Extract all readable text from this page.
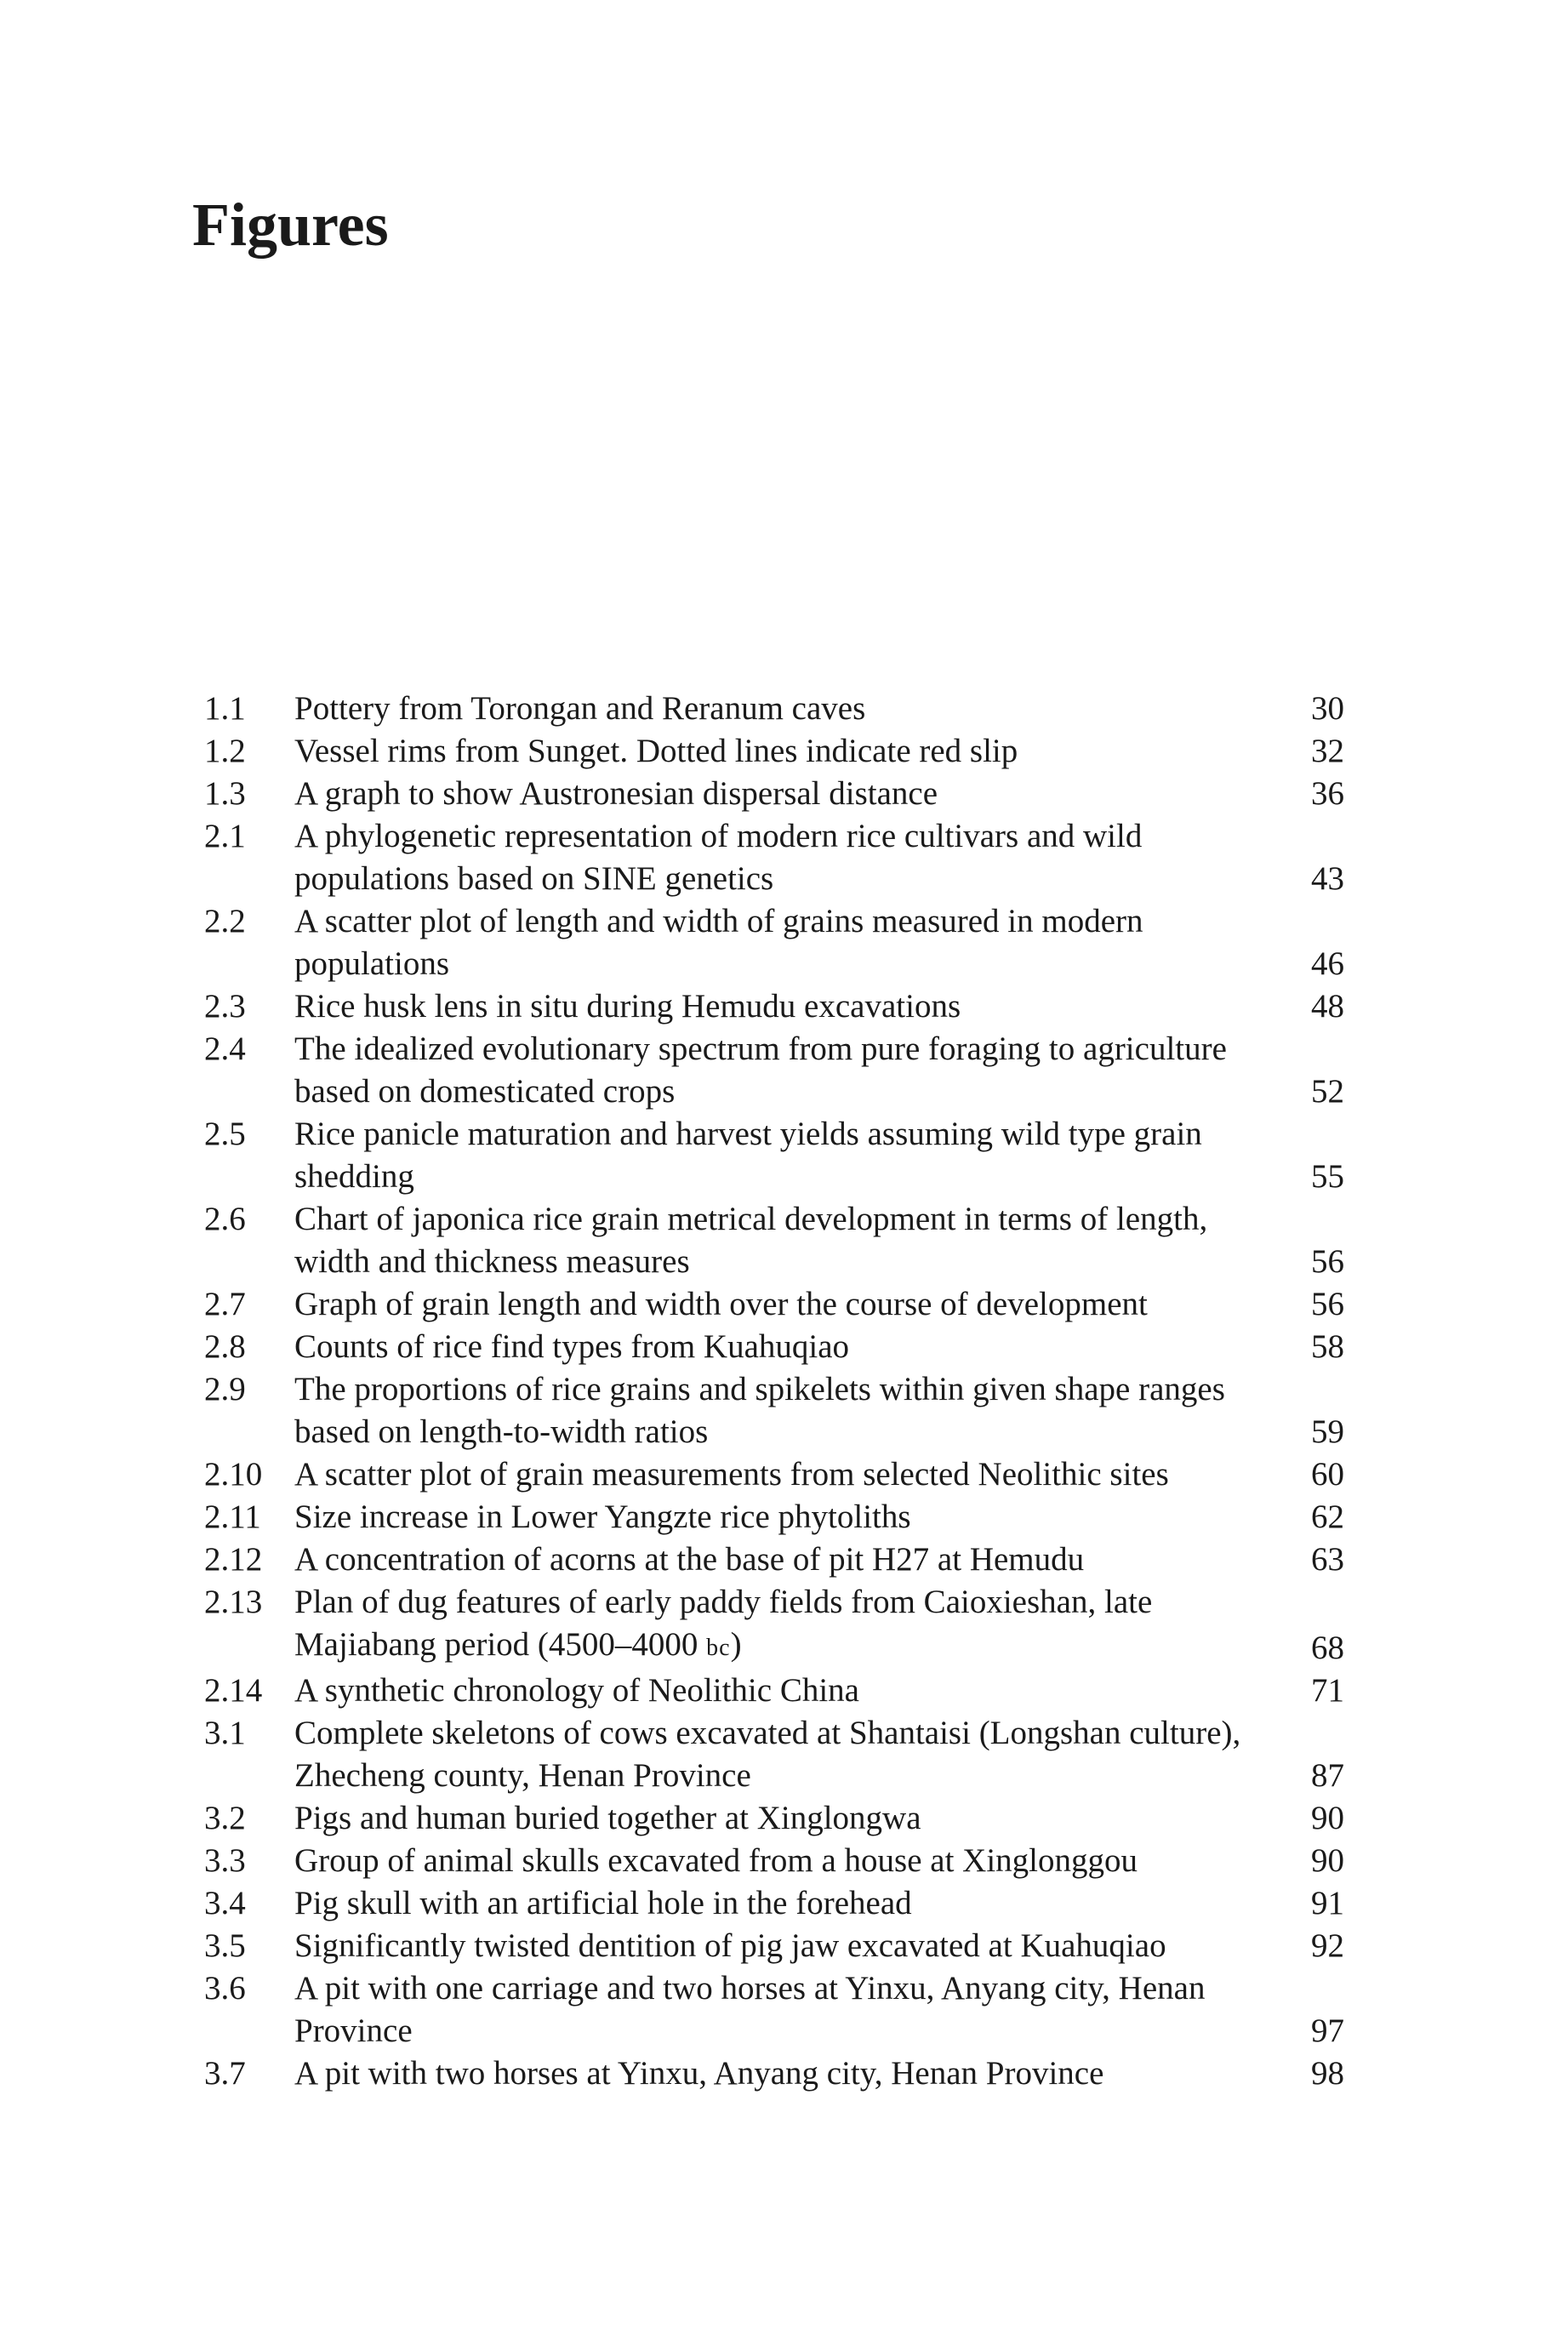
Figures
1.1	Pottery from Torongan and Reranum caves	30
1.2	Vessel rims from Sunget. Dotted lines indicate red slip	32
1.3	A graph to show Austronesian dispersal distance	36
2.1	A phylogenetic representation of modern rice cultivars and wild populations based on SINE genetics	43
2.2	A scatter plot of length and width of grains measured in modern populations	46
2.3	Rice husk lens in situ during Hemudu excavations	48
2.4	The idealized evolutionary spectrum from pure foraging to agriculture based on domesticated crops	52
2.5	Rice panicle maturation and harvest yields assuming wild type grain shedding	55
2.6	Chart of japonica rice grain metrical development in terms of length, width and thickness measures	56
2.7	Graph of grain length and width over the course of development	56
2.8	Counts of rice find types from Kuahuqiao	58
2.9	The proportions of rice grains and spikelets within given shape ranges based on length-to-width ratios	59
2.10 A scatter plot of grain measurements from selected Neolithic sites	60
2.11	Size increase in Lower Yangzte rice phytoliths	62
2.12 A concentration of acorns at the base of pit H27 at Hemudu	63
2.13 Plan of dug features of early paddy fields from Caioxieshan, late Majiabang period (4500–4000 bc)	68
2.14 A synthetic chronology of Neolithic China	71
3.1	Complete skeletons of cows excavated at Shantaisi (Longshan culture), Zhecheng county, Henan Province	87
3.2	Pigs and human buried together at Xinglongwa	90
3.3	Group of animal skulls excavated from a house at Xinglonggou	90
3.4	Pig skull with an artificial hole in the forehead	91
3.5	Significantly twisted dentition of pig jaw excavated at Kuahuqiao	92
3.6	A pit with one carriage and two horses at Yinxu, Anyang city, Henan Province	97
3.7	A pit with two horses at Yinxu, Anyang city, Henan Province	98
